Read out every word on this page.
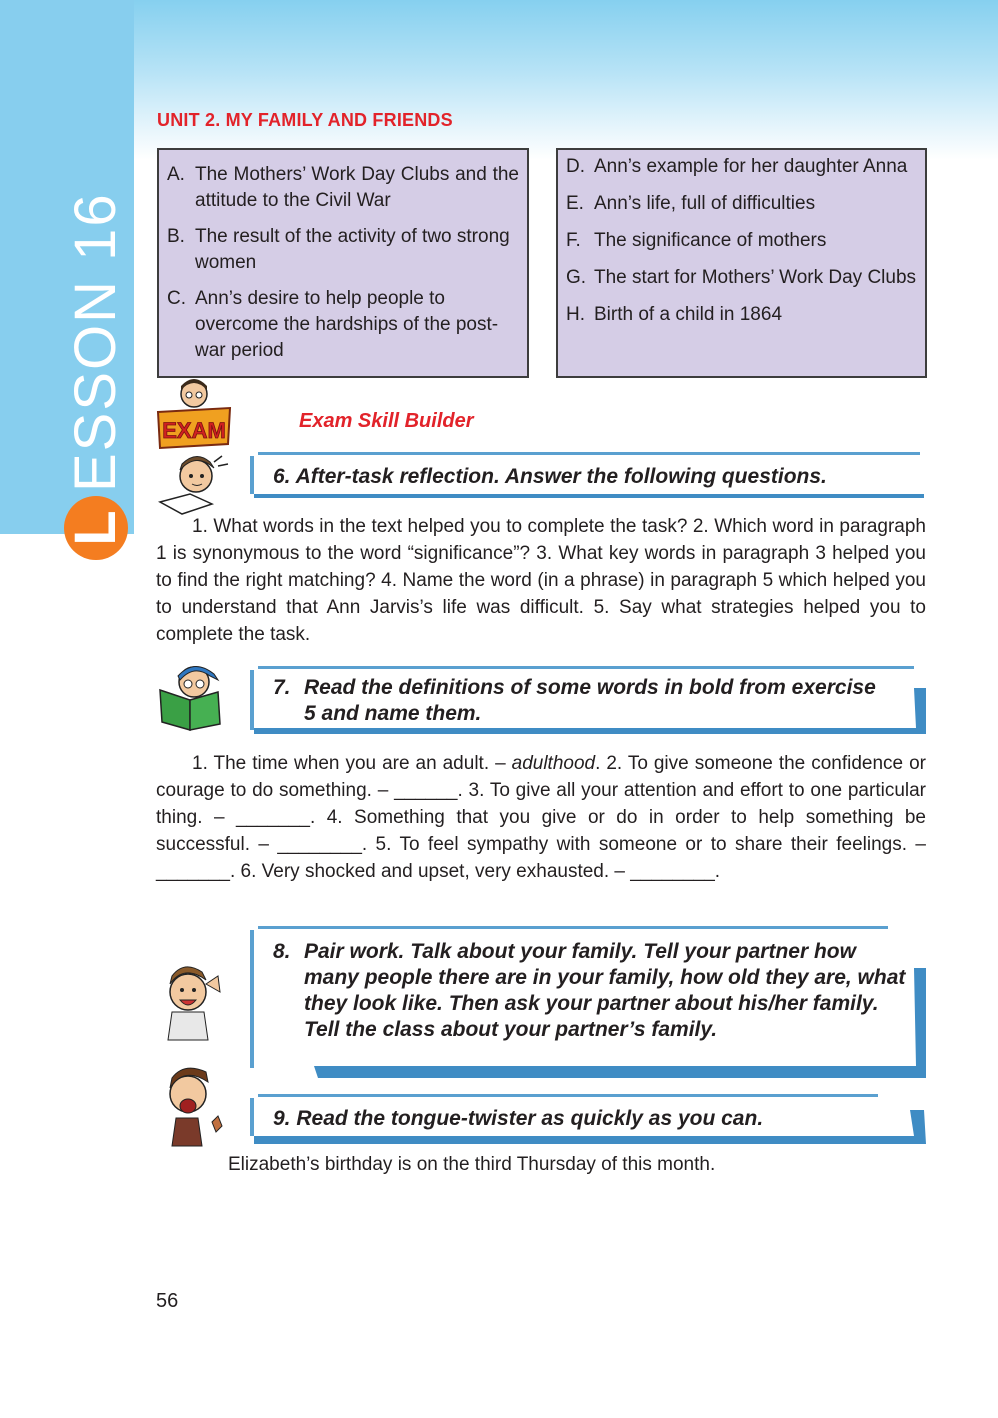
L
ESSON 16
UNIT 2. MY FAMILY AND FRIENDS
A. The Mothers’ Work Day Clubs and the attitude to the Civil War
B. The result of the activity of two strong women
C. Ann’s desire to help people to overcome the hardships of the post-war period
D. Ann’s example for her daughter Anna
E. Ann’s life, full of difficulties
F. The significance of mothers
G. The start for Mothers’ Work Day Clubs
H. Birth of a child in 1864
EXAM	Exam Skill Builder
6. After-task reflection. Answer the following questions.
1. What words in the text helped you to complete the task? 2. Which word in paragraph 1 is synonymous to the word “significance”? 3. What key words in paragraph 3 helped you to find the right matching? 4. Name the word (in a phrase) in paragraph 5 which helped you to understand that Ann Jarvis’s life was difficult. 5. Say what strategies helped you to complete the task.
7. Read the definitions of some words in bold from exercise 5 and name them.
1. The time when you are an adult. – adulthood. 2. To give someone the confidence or courage to do something. – ______. 3. To give all your attention and effort to one particular thing. – _______. 4. Something that you give or do in order to help something be successful. – ________. 5. To feel sympathy with someone or to share their feelings. – _______. 6. Very shocked and upset, very exhausted. – ________.
8. Pair work. Talk about your family. Tell your partner how many people there are in your family, how old they are, what they look like. Then ask your partner about his/her family. Tell the class about your partner’s family.
9. Read the tongue-twister as quickly as you can.
Elizabeth’s birthday is on the third Thursday of this month.
56
